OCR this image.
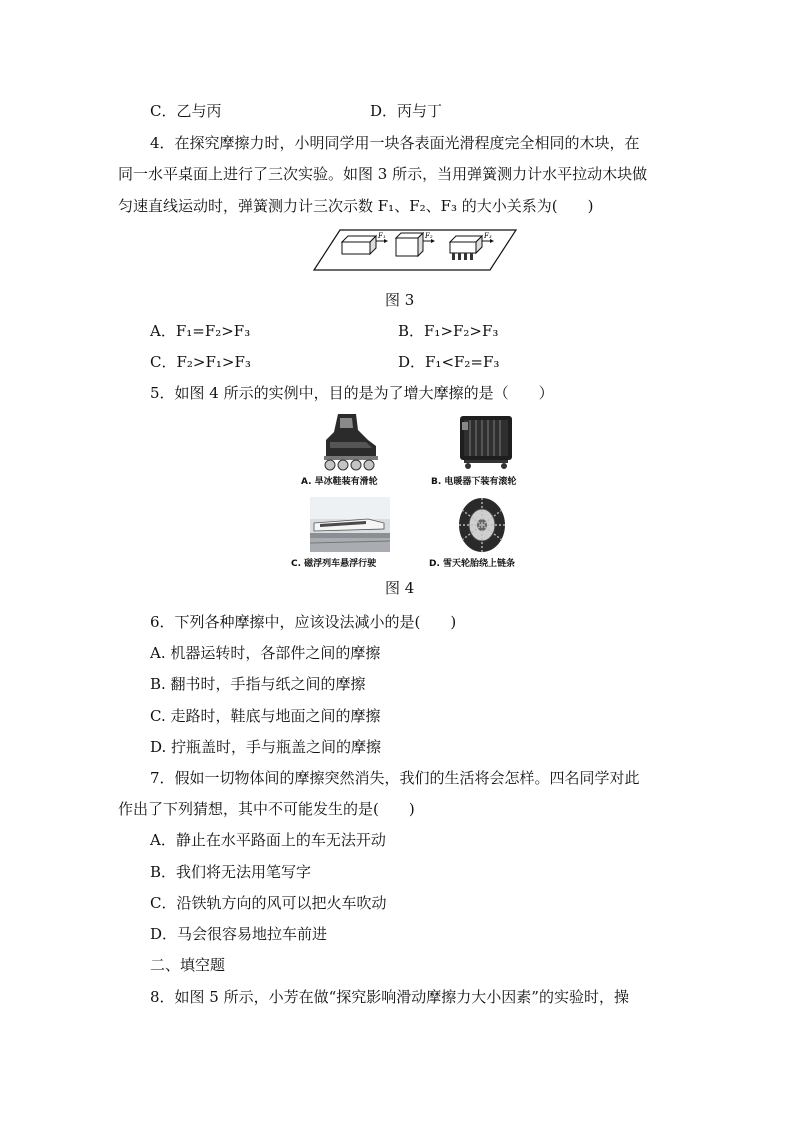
C．乙与丙	D．丙与丁
4．在探究摩擦力时，小明同学用一块各表面光滑程度完全相同的木块，在
同一水平桌面上进行了三次实验。如图 3 所示，当用弹簧测力计水平拉动木块做
匀速直线运动时，弹簧测力计三次示数 F₁、F₂、F₃ 的大小关系为(　　)
F₁	F₂	F₃
图 3
A．F₁=F₂>F₃	B．F₁>F₂>F₃
C．F₂>F₁>F₃	D．F₁<F₂=F₃
5．如图 4 所示的实例中，目的是为了增大摩擦的是（　　）
A. 旱冰鞋装有滑轮	B. 电暖器下装有滚轮
C. 磁浮列车悬浮行驶	D. 雪天轮胎绕上链条
图 4
6．下列各种摩擦中，应该设法减小的是(　　)
A. 机器运转时，各部件之间的摩擦
B. 翻书时，手指与纸之间的摩擦
C. 走路时，鞋底与地面之间的摩擦
D. 拧瓶盖时，手与瓶盖之间的摩擦
7．假如一切物体间的摩擦突然消失，我们的生活将会怎样。四名同学对此
作出了下列猜想，其中不可能发生的是(　　)
A．静止在水平路面上的车无法开动
B．我们将无法用笔写字
C．沿铁轨方向的风可以把火车吹动
D．马会很容易地拉车前进
二、填空题
8．如图 5 所示，小芳在做“探究影响滑动摩擦力大小因素”的实验时，操
